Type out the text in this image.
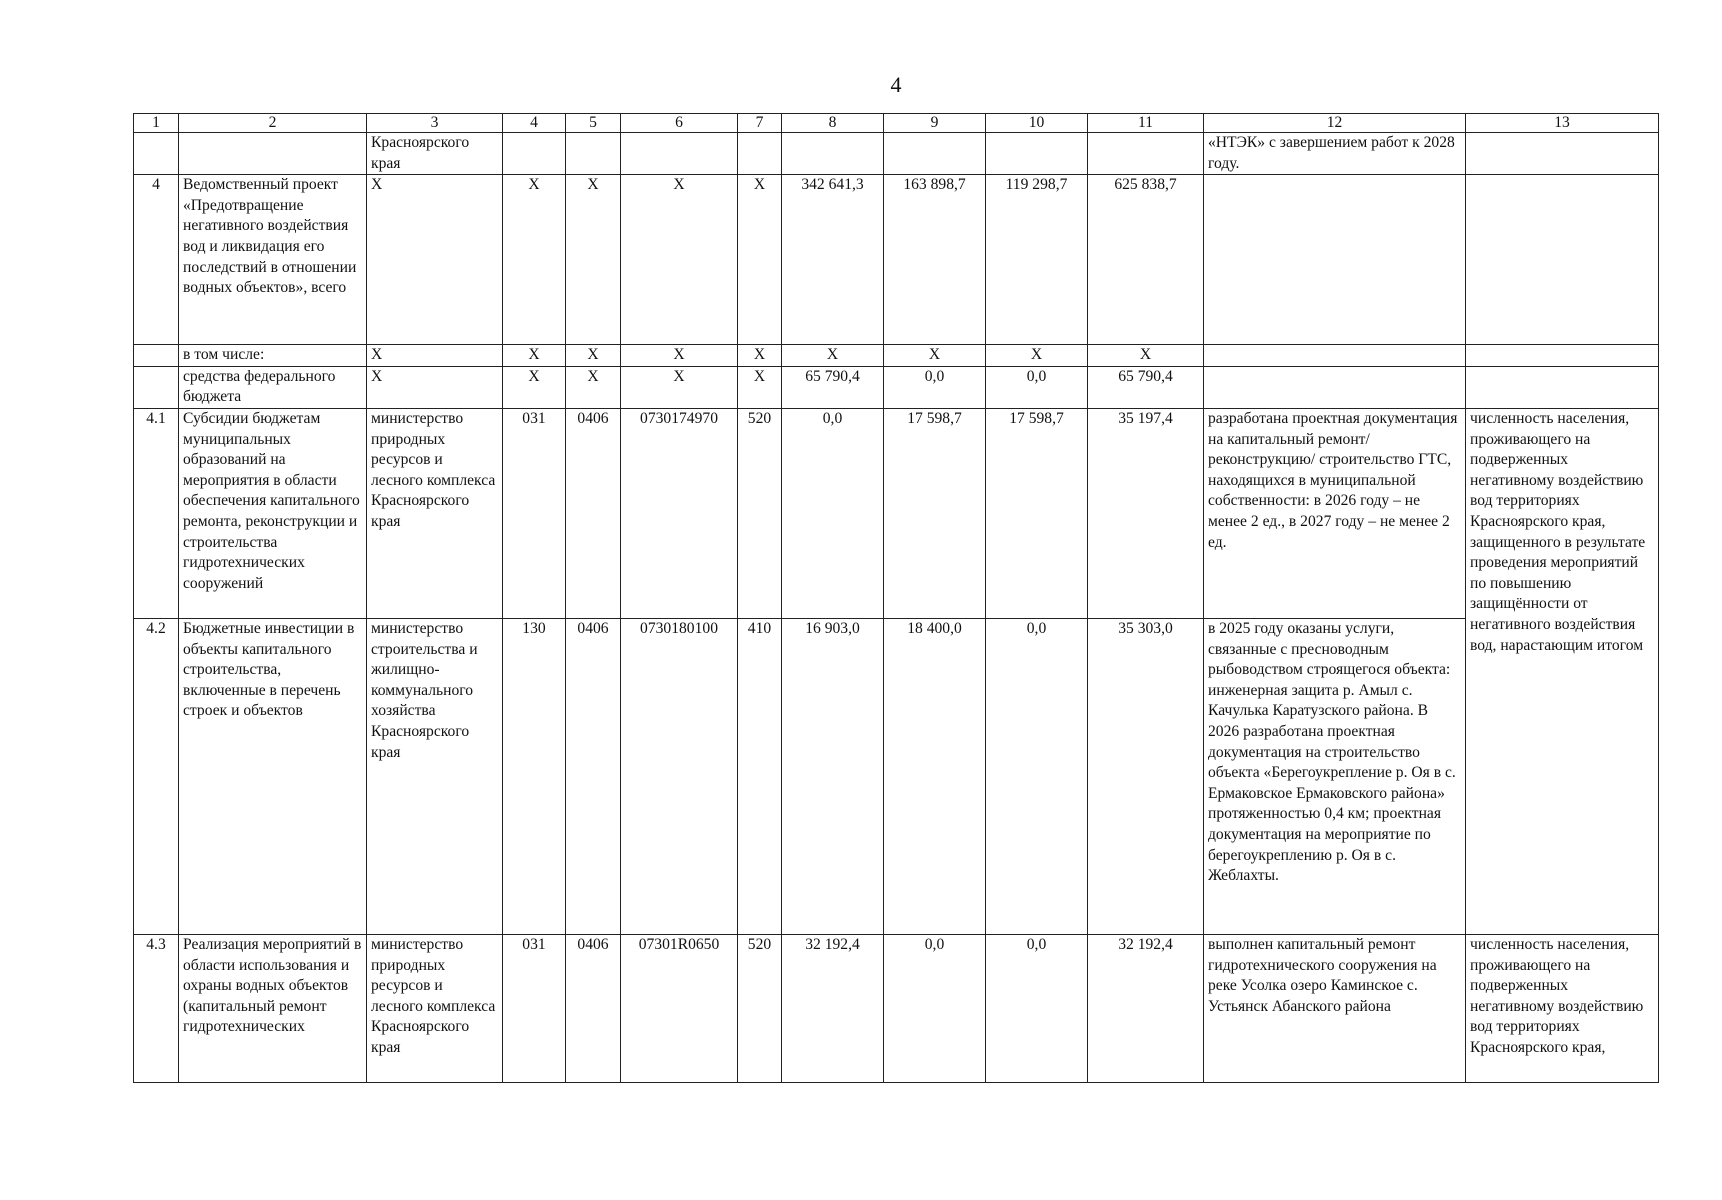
4
1	2	3	4	5	6	7	8	9	10	11	12	13
		Красноярского края									«НТЭК» с завершением работ к 2028 году.	
4	Ведомственный проект «Предотвращение негативного воздействия вод и ликвидация его последствий в отношении водных объектов», всего	X	X	X	X	X	342 641,3	163 898,7	119 298,7	625 838,7		
	в том числе:	X	X	X	X	X	X	X	X	X		
	средства федерального бюджета	X	X	X	X	X	65 790,4	0,0	0,0	65 790,4		
4.1	Субсидии бюджетам муниципальных образований на мероприятия в области обеспечения капитального ремонта, реконструкции и строительства гидротехнических сооружений	министерство природных ресурсов и лесного комплекса Красноярского края	031	0406	0730174970	520	0,0	17 598,7	17 598,7	35 197,4	разработана проектная документация на капитальный ремонт/реконструкцию/ строительство ГТС, находящихся в муниципальной собственности: в 2026 году – не менее 2 ед., в 2027 году – не менее 2 ед.	численность населения, проживающего на подверженных негативному воздействию вод территориях Красноярского края, защищенного в результате проведения мероприятий по повышению защищённости от негативного воздействия вод, нарастающим итогом
4.2	Бюджетные инвестиции в объекты капитального строительства, включенные в перечень строек и объектов	министерство строительства и жилищно-коммунального хозяйства Красноярского края	130	0406	0730180100	410	16 903,0	18 400,0	0,0	35 303,0	в 2025 году оказаны услуги, связанные с пресноводным рыбоводством строящегося объекта: инженерная защита р. Амыл с. Качулька Каратузского района. В 2026 разработана проектная документация на строительство объекта «Берегоукрепление р. Оя в с. Ермаковское Ермаковского района» протяженностью 0,4 км; проектная документация на мероприятие по берегоукреплению р. Оя в с. Жеблахты.	
4.3	Реализация мероприятий в области использования и охраны водных объектов (капитальный ремонт гидротехнических	министерство природных ресурсов и лесного комплекса Красноярского края	031	0406	07301R0650	520	32 192,4	0,0	0,0	32 192,4	выполнен капитальный ремонт гидротехнического сооружения на реке Усолка озеро Каминское с. Устьянск Абанского района	численность населения, проживающего на подверженных негативному воздействию вод территориях Красноярского края,
